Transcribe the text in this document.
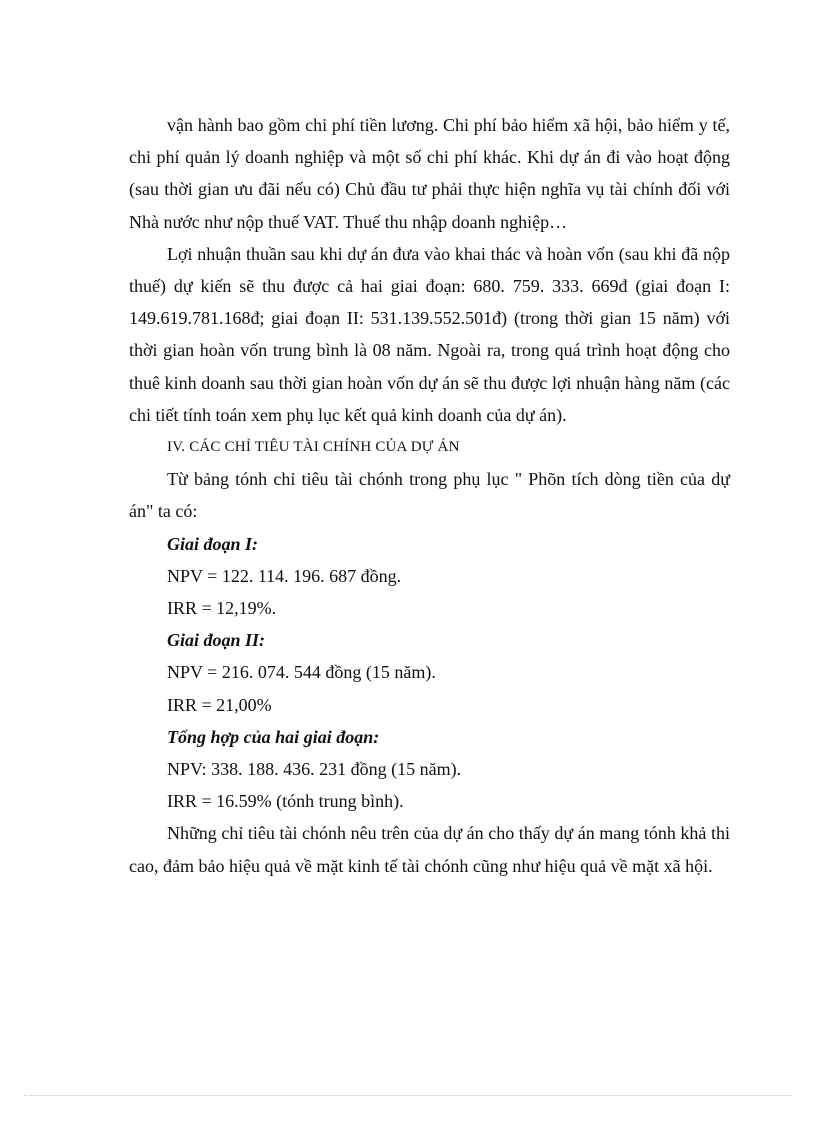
vận hành bao gồm chi phí tiền lương. Chi phí bảo hiểm xã hội, bảo hiểm y tế, chi phí quản lý doanh nghiệp và một số chi phí khác. Khi dự án đi vào hoạt động (sau thời gian ưu đãi nếu có) Chủ đầu tư phải thực hiện nghĩa vụ tài chính đối với Nhà nước như nộp thuế VAT. Thuế thu nhập doanh nghiệp…

Lợi nhuận thuần sau khi dự án đưa vào khai thác và hoàn vốn (sau khi đã nộp thuế) dự kiến sẽ thu được cả hai giai đoạn: 680. 759. 333. 669đ (giai đoạn I: 149.619.781.168đ; giai đoạn II: 531.139.552.501đ) (trong thời gian 15 năm) với thời gian hoàn vốn trung bình là 08 năm. Ngoài ra, trong quá trình hoạt động cho thuê kinh doanh sau thời gian hoàn vốn dự án sẽ thu được lợi nhuận hàng năm (các chi tiết tính toán xem phụ lục kết quả kinh doanh của dự án).

IV. CÁC CHỈ TIÊU TÀI CHÍNH CỦA DỰ ÁN

Từ bảng tónh chỉ tiêu tài chónh trong phụ lục " Phõn tích dòng tiền của dự án" ta có:

Giai đoạn I:

NPV = 122. 114. 196. 687 đồng.

IRR = 12,19%.

Giai đoạn II:

NPV = 216. 074. 544 đồng (15 năm).

IRR = 21,00%

Tổng hợp của hai giai đoạn:

NPV: 338. 188. 436. 231 đồng (15 năm).

IRR = 16.59% (tónh trung bình).

Những chỉ tiêu tài chónh nêu trên của dự án cho thấy dự án mang tónh khả thi cao, đảm bảo hiệu quả về mặt kinh tế tài chónh cũng như hiệu quả về mặt xã hội.
